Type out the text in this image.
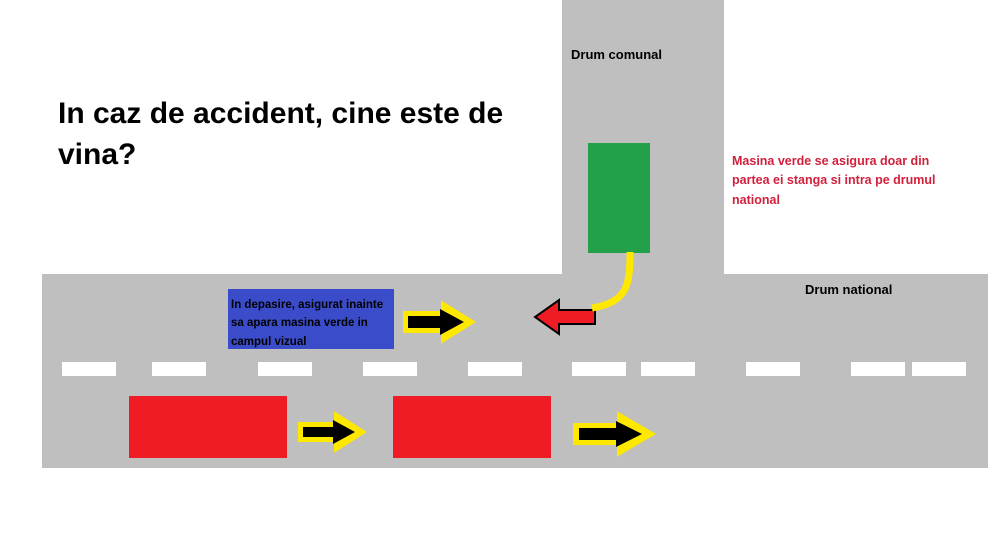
In depasire, asigurat inainte sa apara masina verde in campul vizual
Drum comunal
Drum national
In caz de accident, cine este de vina?	Masina verde se asigura doar din partea ei stanga si intra pe drumul national
